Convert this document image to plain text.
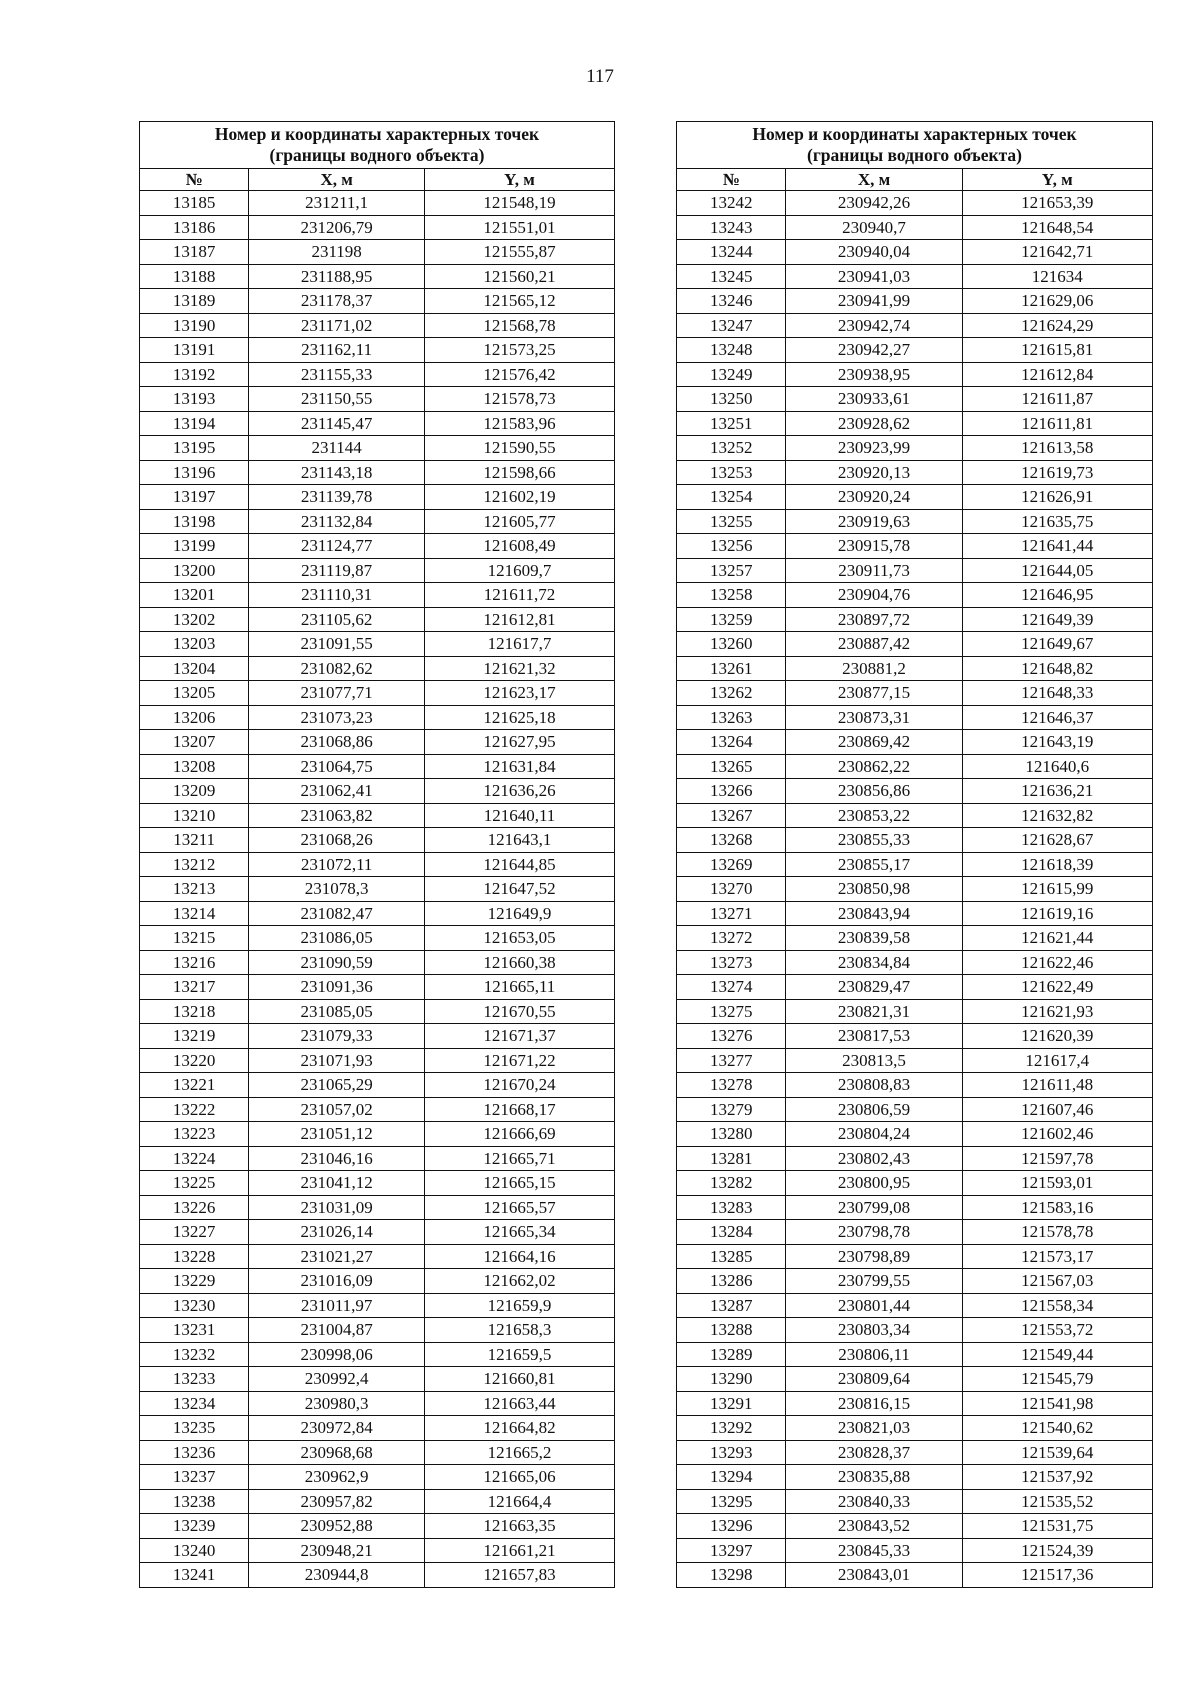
117
Номер и координаты характерных точек
(границы водного объекта)		
№	X, м	Y, м
13185	231211,1	121548,19
13186	231206,79	121551,01
13187	231198	121555,87
13188	231188,95	121560,21
13189	231178,37	121565,12
13190	231171,02	121568,78
13191	231162,11	121573,25
13192	231155,33	121576,42
13193	231150,55	121578,73
13194	231145,47	121583,96
13195	231144	121590,55
13196	231143,18	121598,66
13197	231139,78	121602,19
13198	231132,84	121605,77
13199	231124,77	121608,49
13200	231119,87	121609,7
13201	231110,31	121611,72
13202	231105,62	121612,81
13203	231091,55	121617,7
13204	231082,62	121621,32
13205	231077,71	121623,17
13206	231073,23	121625,18
13207	231068,86	121627,95
13208	231064,75	121631,84
13209	231062,41	121636,26
13210	231063,82	121640,11
13211	231068,26	121643,1
13212	231072,11	121644,85
13213	231078,3	121647,52
13214	231082,47	121649,9
13215	231086,05	121653,05
13216	231090,59	121660,38
13217	231091,36	121665,11
13218	231085,05	121670,55
13219	231079,33	121671,37
13220	231071,93	121671,22
13221	231065,29	121670,24
13222	231057,02	121668,17
13223	231051,12	121666,69
13224	231046,16	121665,71
13225	231041,12	121665,15
13226	231031,09	121665,57
13227	231026,14	121665,34
13228	231021,27	121664,16
13229	231016,09	121662,02
13230	231011,97	121659,9
13231	231004,87	121658,3
13232	230998,06	121659,5
13233	230992,4	121660,81
13234	230980,3	121663,44
13235	230972,84	121664,82
13236	230968,68	121665,2
13237	230962,9	121665,06
13238	230957,82	121664,4
13239	230952,88	121663,35
13240	230948,21	121661,21
13241	230944,8	121657,83
Номер и координаты характерных точек
(границы водного объекта)		
№	X, м	Y, м
13242	230942,26	121653,39
13243	230940,7	121648,54
13244	230940,04	121642,71
13245	230941,03	121634
13246	230941,99	121629,06
13247	230942,74	121624,29
13248	230942,27	121615,81
13249	230938,95	121612,84
13250	230933,61	121611,87
13251	230928,62	121611,81
13252	230923,99	121613,58
13253	230920,13	121619,73
13254	230920,24	121626,91
13255	230919,63	121635,75
13256	230915,78	121641,44
13257	230911,73	121644,05
13258	230904,76	121646,95
13259	230897,72	121649,39
13260	230887,42	121649,67
13261	230881,2	121648,82
13262	230877,15	121648,33
13263	230873,31	121646,37
13264	230869,42	121643,19
13265	230862,22	121640,6
13266	230856,86	121636,21
13267	230853,22	121632,82
13268	230855,33	121628,67
13269	230855,17	121618,39
13270	230850,98	121615,99
13271	230843,94	121619,16
13272	230839,58	121621,44
13273	230834,84	121622,46
13274	230829,47	121622,49
13275	230821,31	121621,93
13276	230817,53	121620,39
13277	230813,5	121617,4
13278	230808,83	121611,48
13279	230806,59	121607,46
13280	230804,24	121602,46
13281	230802,43	121597,78
13282	230800,95	121593,01
13283	230799,08	121583,16
13284	230798,78	121578,78
13285	230798,89	121573,17
13286	230799,55	121567,03
13287	230801,44	121558,34
13288	230803,34	121553,72
13289	230806,11	121549,44
13290	230809,64	121545,79
13291	230816,15	121541,98
13292	230821,03	121540,62
13293	230828,37	121539,64
13294	230835,88	121537,92
13295	230840,33	121535,52
13296	230843,52	121531,75
13297	230845,33	121524,39
13298	230843,01	121517,36
